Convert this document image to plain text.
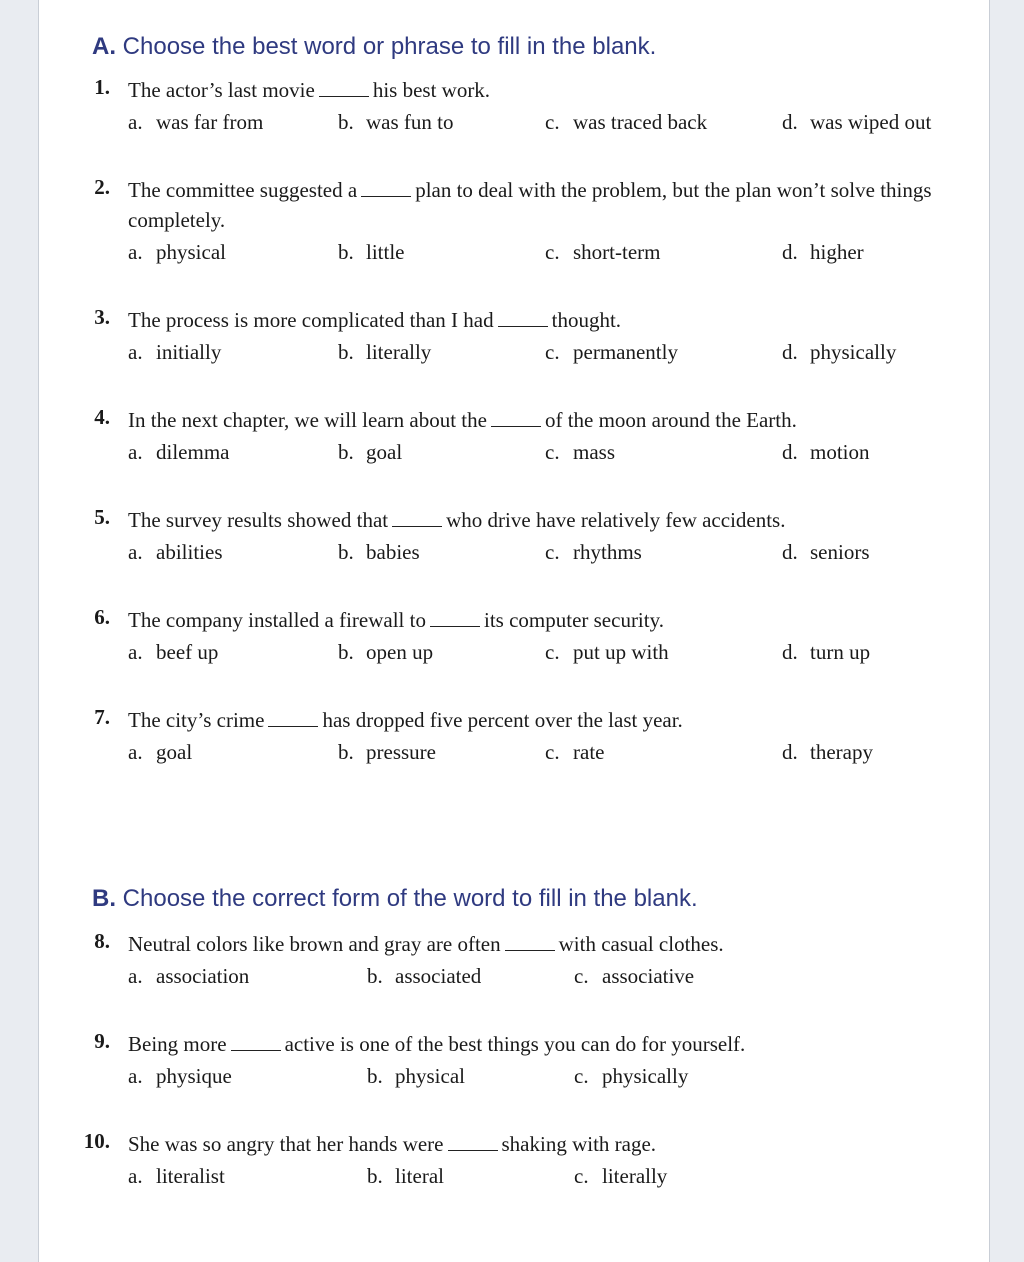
A. Choose the best word or phrase to fill in the blank.
B. Choose the correct form of the word to fill in the blank.
1. The actor’s last movie	his best work.
a. was far from	b. was fun to	c. was traced back	d. was wiped out
2. The committee suggested a	plan to deal with the problem, but the plan won’t solve things completely.
a. physical	b. little	c. short-term	d. higher
3. The process is more complicated than I had	thought.
a. initially	b. literally	c. permanently	d. physically
4. In the next chapter, we will learn about the	of the moon around the Earth.
a. dilemma	b. goal	c. mass	d. motion
5. The survey results showed that	who drive have relatively few accidents.
a. abilities	b. babies	c. rhythms	d. seniors
6. The company installed a firewall to	its computer security.
a. beef up	b. open up	c. put up with	d. turn up
7. The city’s crime	has dropped five percent over the last year.
a. goal	b. pressure	c. rate	d. therapy
8. Neutral colors like brown and gray are often	with casual clothes.
a. association	b. associated	c. associative
9. Being more	active is one of the best things you can do for yourself.
a. physique	b. physical	c. physically
10. She was so angry that her hands were	shaking with rage.
a. literalist	b. literal	c. literally
